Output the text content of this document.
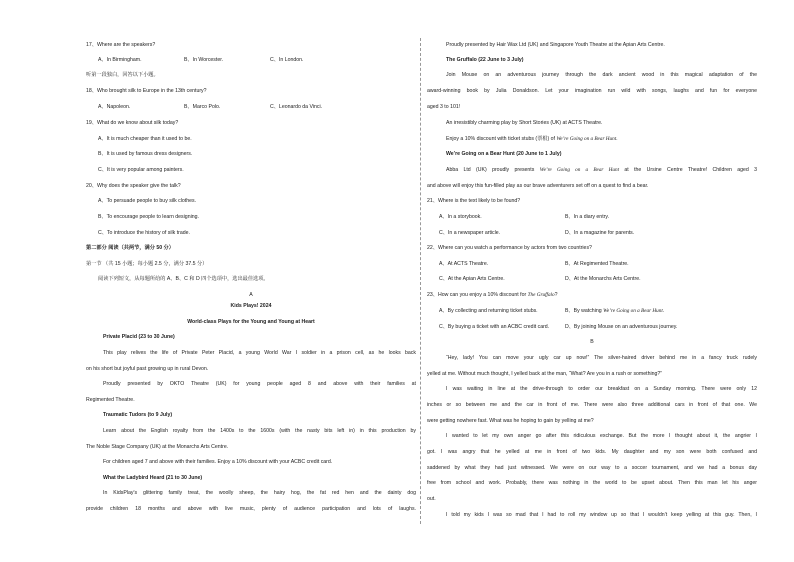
17、Where are the speakers?
A、In Birmingham.	B、In Worcester.	C、In London.
听第一段独白，回答以下小题。
18、Who brought silk to Europe in the 13th century?
A、Napoleon.	B、Marco Polo.	C、Leonardo da Vinci.
19、What do we know about silk today?
A、It is much cheaper than it used to be.
B、It is used by famous dress designers.
C、It is very popular among painters.
20、Why does the speaker give the talk?
A、To persuade people to buy silk clothes.
B、To encourage people to learn designing.
C、To introduce the history of silk trade.
第二部分 阅读（共两节，满分 50 分）
第一节 （共 15 小题；每小题 2.5 分，满分 37.5 分）
阅读下列短文，从每题所给的 A、B、C 和 D 四个选项中，选出最佳选项。
A
Kids Plays! 2024
World-class Plays for the Young and Young at Heart
Private Placid (23 to 30 June)
This play relives the life of Private Peter Placid, a young World War I soldier in a prison cell, as he looks back
on his short but joyful past growing up in rural Devon.
Proudly presented by OKTO Theatre (UK) for young people aged 8 and above with their families at
Regimented Theatre.
Traumatic Tudors (to 9 July)
Learn about the English royalty from the 1400s to the 1600s (with the nasty bits left in) in this production by
The Noble Stage Company (UK) at the Monarchs Arts Centre.
For children aged 7 and above with their families. Enjoy a 10% discount with your ACBC credit card.
What the Ladybird Heard (21 to 30 June)
In KidsPlay’s glittering family treat, the woolly sheep, the hairy hog, the fat red hen and the dainty dog
provide children 18 months and above with live music, plenty of audience participation and lots of laughs.
Proudly presented by Hair Wax Ltd (UK) and Singapore Youth Theatre at the Apian Arts Centre.
The Gruffalo (22 June to 3 July)
Join Mouse on an adventurous journey through the dark ancient wood in this magical adaptation of the
award-winning book by Julia Donaldson. Let your imagination run wild with songs, laughs and fun for everyone
aged 3 to 101!
An irresistibly charming play by Short Stories (UK) at ACTS Theatre.
Enjoy a 10% discount with ticket stubs (票根) of We’re Going on a Bear Hunt.
We’re Going on a Bear Hunt (20 June to 1 July)
Abba Ltd (UK) proudly presents We’re Going on a Bear Hunt at the Ursine Centre Theatre! Children aged 3
and above will enjoy this fun-filled play as our brave adventurers set off on a quest to find a bear.
21、Where is the text likely to be found?
A、In a storybook.	B、In a diary entry.
C、In a newspaper article.	D、In a magazine for parents.
22、Where can you watch a performance by actors from two countries?
A、At ACTS Theatre.	B、At Regimented Theatre.
C、At the Apian Arts Centre.	D、At the Monarchs Arts Centre.
23、How can you enjoy a 10% discount for The Gruffalo?
A、By collecting and returning ticket stubs.	B、By watching We’re Going on a Bear Hunt.
C、By buying a ticket with an ACBC credit card.	D、By joining Mouse on an adventurous journey.
B
“Hey, lady! You can move your ugly car up now!” The silver-haired driver behind me in a fancy truck rudely
yelled at me. Without much thought, I yelled back at the man, “What? Are you in a rush or something?”
I was waiting in line at the drive-through to order our breakfast on a Sunday morning. There were only 12
inches or so between me and the car in front of me. There were also three additional cars in front of that one. We
were getting nowhere fast. What was he hoping to gain by yelling at me?
I wanted to let my own anger go after this ridiculous exchange. But the more I thought about it, the angrier I
got. I was angry that he yelled at me in front of two kids. My daughter and my son were both confused and
saddened by what they had just witnessed. We were on our way to a soccer tournament, and we had a bonus day
free from school and work. Probably, there was nothing in the world to be upset about. Then this man let his anger
out.
I told my kids I was so mad that I had to roll my window up so that I wouldn’t keep yelling at this guy. Then, I
